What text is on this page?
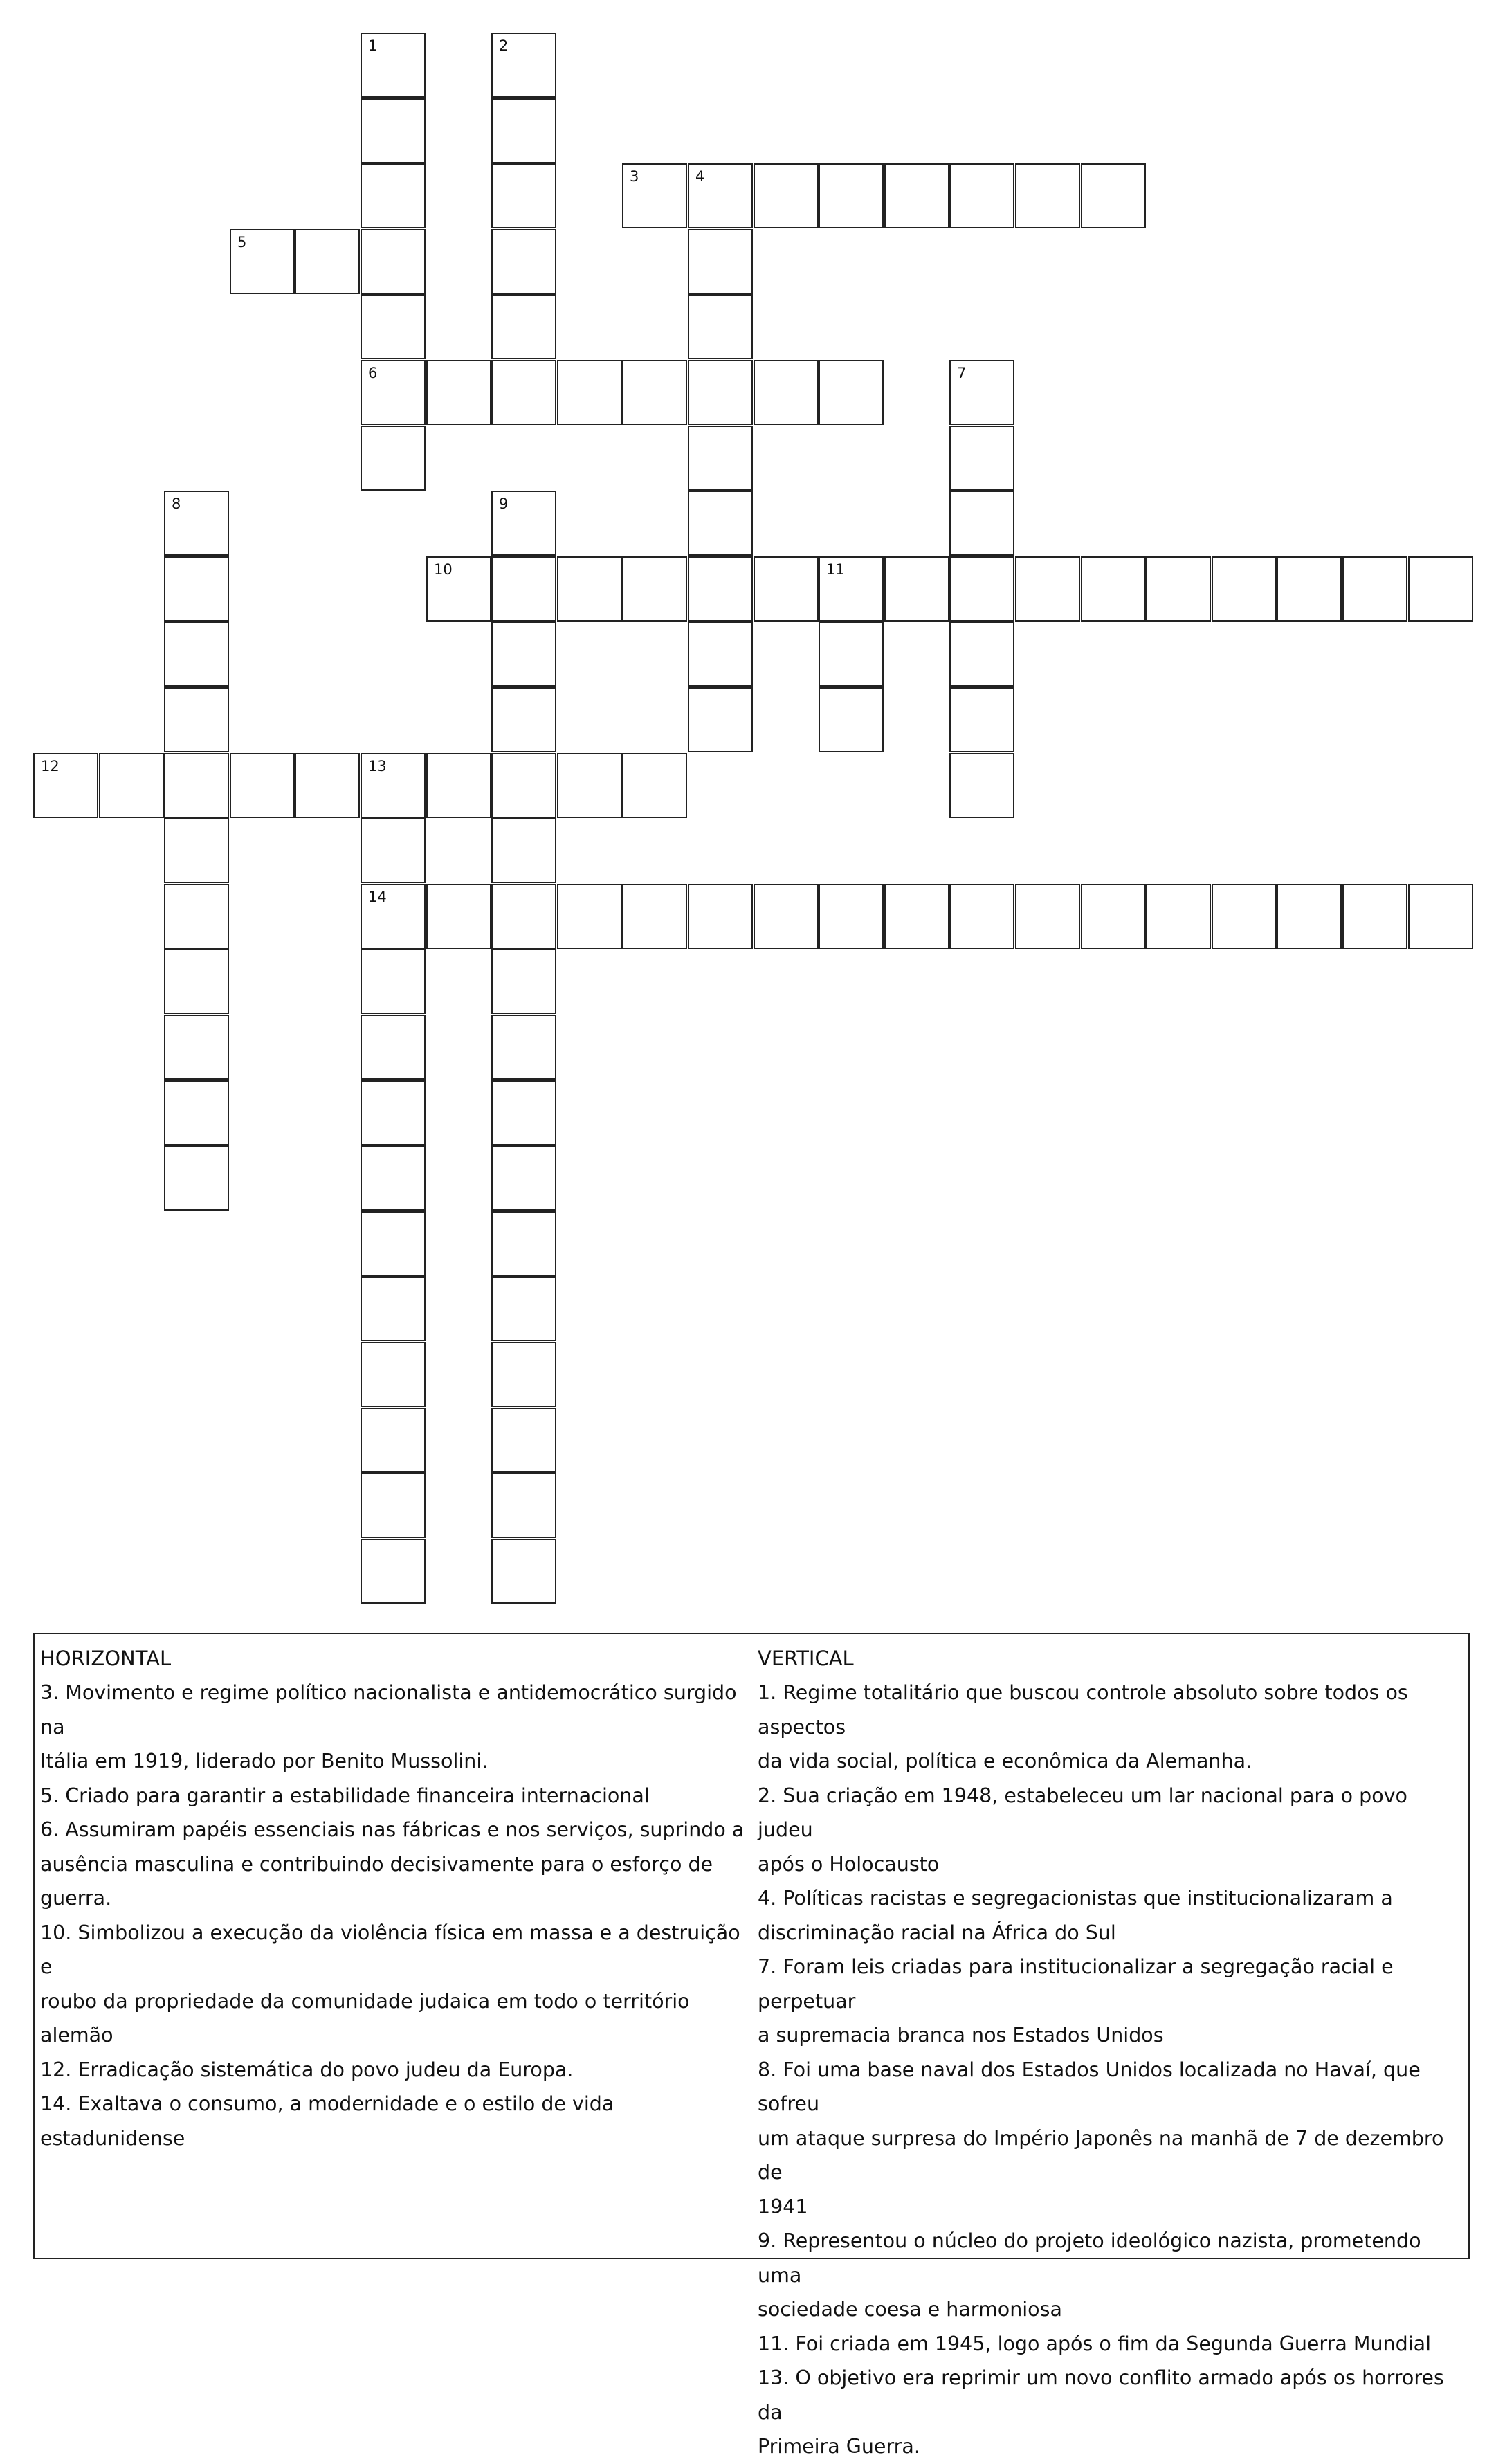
3	4
5
6
10	11
12	13
14
1	2
7
8	9
HORIZONTAL

3. Movimento e regime político nacionalista e antidemocrático surgido na

Itália em 1919, liderado por Benito Mussolini.

5. Criado para garantir a estabilidade financeira internacional

6. Assumiram papéis essenciais nas fábricas e nos serviços, suprindo a

ausência masculina e contribuindo decisivamente para o esforço de guerra.

10. Simbolizou a execução da violência física em massa e a destruição e

roubo da propriedade da comunidade judaica em todo o território alemão

12. Erradicação sistemática do povo judeu da Europa.

14. Exaltava o consumo, a modernidade e o estilo de vida estadunidense

VERTICAL

1. Regime totalitário que buscou controle absoluto sobre todos os aspectos

da vida social, política e econômica da Alemanha.

2. Sua criação em 1948, estabeleceu um lar nacional para o povo judeu

após o Holocausto

4. Políticas racistas e segregacionistas que institucionalizaram a

discriminação racial na África do Sul

7. Foram leis criadas para institucionalizar a segregação racial e perpetuar

a supremacia branca nos Estados Unidos

8. Foi uma base naval dos Estados Unidos localizada no Havaí, que sofreu

um ataque surpresa do Império Japonês na manhã de 7 de dezembro de

1941

9. Representou o núcleo do projeto ideológico nazista, prometendo uma

sociedade coesa e harmoniosa

11. Foi criada em 1945, logo após o fim da Segunda Guerra Mundial

13. O objetivo era reprimir um novo conflito armado após os horrores da

Primeira Guerra.
